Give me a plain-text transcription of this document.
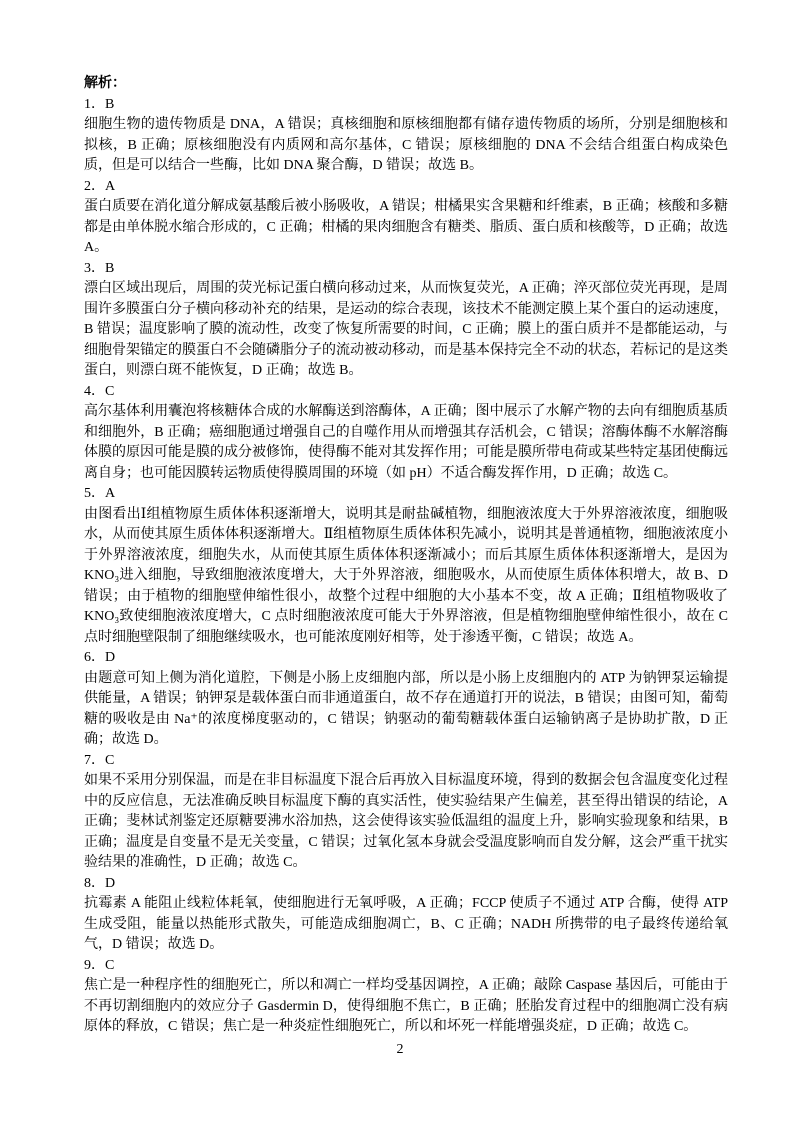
解析：

1．B

细胞生物的遗传物质是 DNA，A 错误；真核细胞和原核细胞都有储存遗传物质的场所，分别是细胞核和拟核，B 正确；原核细胞没有内质网和高尔基体，C 错误；原核细胞的 DNA 不会结合组蛋白构成染色质，但是可以结合一些酶，比如 DNA 聚合酶，D 错误；故选 B。

2．A

蛋白质要在消化道分解成氨基酸后被小肠吸收，A 错误；柑橘果实含果糖和纤维素，B 正确；核酸和多糖都是由单体脱水缩合形成的，C 正确；柑橘的果肉细胞含有糖类、脂质、蛋白质和核酸等，D 正确；故选 A。

3．B

漂白区域出现后，周围的荧光标记蛋白横向移动过来，从而恢复荧光，A 正确；淬灭部位荧光再现，是周围许多膜蛋白分子横向移动补充的结果，是运动的综合表现，该技术不能测定膜上某个蛋白的运动速度，B 错误；温度影响了膜的流动性，改变了恢复所需要的时间，C 正确；膜上的蛋白质并不是都能运动，与细胞骨架锚定的膜蛋白不会随磷脂分子的流动被动移动，而是基本保持完全不动的状态，若标记的是这类蛋白，则漂白斑不能恢复，D 正确；故选 B。

4．C

高尔基体利用囊泡将核糖体合成的水解酶送到溶酶体，A 正确；图中展示了水解产物的去向有细胞质基质和细胞外，B 正确；癌细胞通过增强自己的自噬作用从而增强其存活机会，C 错误；溶酶体酶不水解溶酶体膜的原因可能是膜的成分被修饰，使得酶不能对其发挥作用；可能是膜所带电荷或某些特定基团使酶远离自身；也可能因膜转运物质使得膜周围的环境（如 pH）不适合酶发挥作用，D 正确；故选 C。

5．A

由图看出Ⅰ组植物原生质体体积逐渐增大，说明其是耐盐碱植物，细胞液浓度大于外界溶液浓度，细胞吸水，从而使其原生质体体积逐渐增大。Ⅱ组植物原生质体体积先减小，说明其是普通植物，细胞液浓度小于外界溶液浓度，细胞失水，从而使其原生质体体积逐渐减小；而后其原生质体体积逐渐增大，是因为KNO₃进入细胞，导致细胞液浓度增大，大于外界溶液，细胞吸水，从而使原生质体体积增大，故 B、D错误；由于植物的细胞壁伸缩性很小，故整个过程中细胞的大小基本不变，故 A 正确；Ⅱ组植物吸收了KNO₃致使细胞液浓度增大，C 点时细胞液浓度可能大于外界溶液，但是植物细胞壁伸缩性很小，故在 C点时细胞壁限制了细胞继续吸水，也可能浓度刚好相等，处于渗透平衡，C 错误；故选 A。

6．D

由题意可知上侧为消化道腔，下侧是小肠上皮细胞内部，所以是小肠上皮细胞内的 ATP 为钠钾泵运输提供能量，A 错误；钠钾泵是载体蛋白而非通道蛋白，故不存在通道打开的说法，B 错误；由图可知，葡萄糖的吸收是由 Na⁺的浓度梯度驱动的，C 错误；钠驱动的葡萄糖载体蛋白运输钠离子是协助扩散，D 正确；故选 D。

7．C

如果不采用分别保温，而是在非目标温度下混合后再放入目标温度环境，得到的数据会包含温度变化过程中的反应信息，无法准确反映目标温度下酶的真实活性，使实验结果产生偏差，甚至得出错误的结论，A 正确；斐林试剂鉴定还原糖要沸水浴加热，这会使得该实验低温组的温度上升，影响实验现象和结果，B 正确；温度是自变量不是无关变量，C 错误；过氧化氢本身就会受温度影响而自发分解，这会严重干扰实验结果的准确性，D 正确；故选 C。

8．D

抗霉素 A 能阻止线粒体耗氧，使细胞进行无氧呼吸，A 正确；FCCP 使质子不通过 ATP 合酶，使得 ATP生成受阻，能量以热能形式散失，可能造成细胞凋亡，B、C 正确；NADH 所携带的电子最终传递给氧气，D 错误；故选 D。

9．C

焦亡是一种程序性的细胞死亡，所以和凋亡一样均受基因调控，A 正确；敲除 Caspase 基因后，可能由于不再切割细胞内的效应分子 Gasdermin D，使得细胞不焦亡，B 正确；胚胎发育过程中的细胞凋亡没有病原体的释放，C 错误；焦亡是一种炎症性细胞死亡，所以和坏死一样能增强炎症，D 正确；故选 C。

2
